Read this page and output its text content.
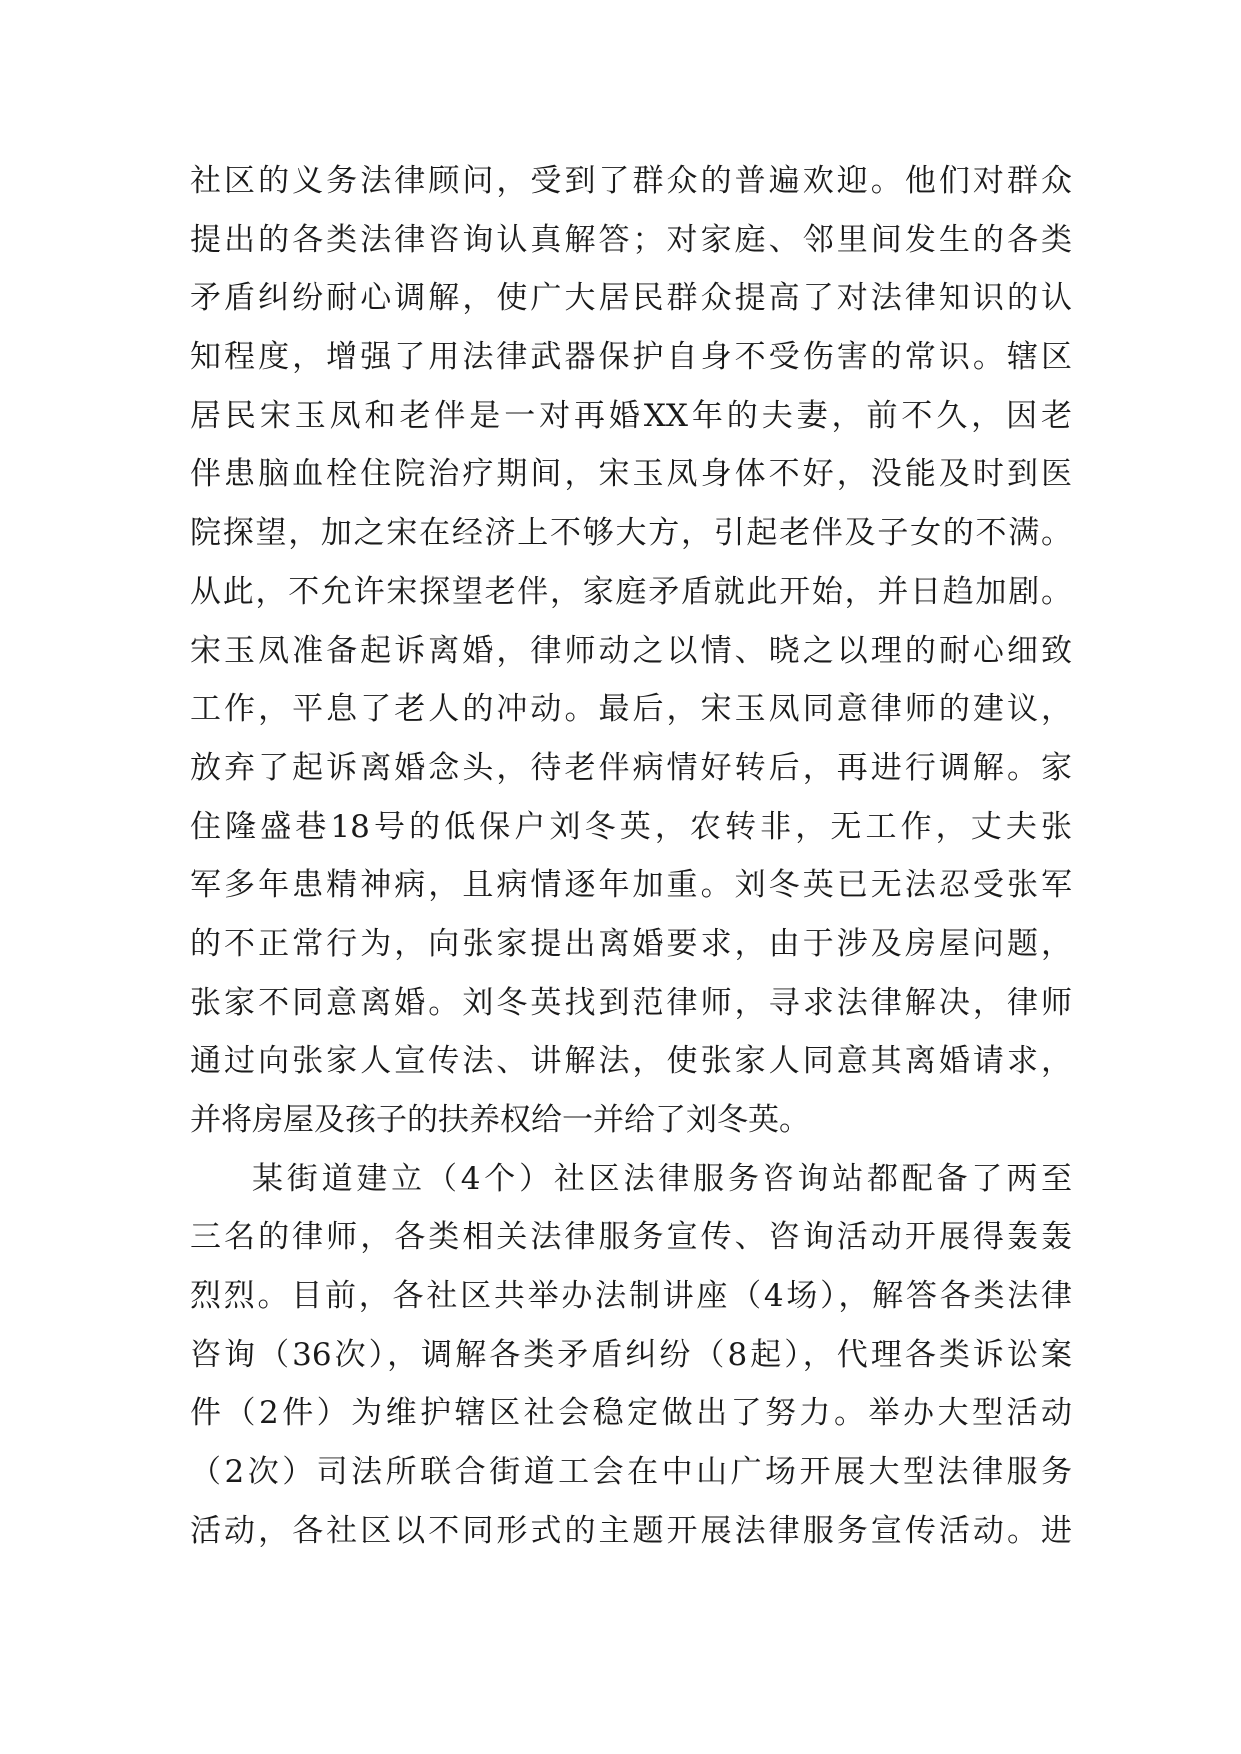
社区的义务法律顾问，受到了群众的普遍欢迎。他们对群众
提出的各类法律咨询认真解答；对家庭、邻里间发生的各类
矛盾纠纷耐心调解，使广大居民群众提高了对法律知识的认
知程度，增强了用法律武器保护自身不受伤害的常识。辖区
居民宋玉凤和老伴是一对再婚XX年的夫妻，前不久，因老
伴患脑血栓住院治疗期间，宋玉凤身体不好，没能及时到医
院探望，加之宋在经济上不够大方，引起老伴及子女的不满。
从此，不允许宋探望老伴，家庭矛盾就此开始，并日趋加剧。
宋玉凤准备起诉离婚，律师动之以情、晓之以理的耐心细致
工作，平息了老人的冲动。最后，宋玉凤同意律师的建议，
放弃了起诉离婚念头，待老伴病情好转后，再进行调解。家
住隆盛巷18号的低保户刘冬英，农转非，无工作，丈夫张
军多年患精神病，且病情逐年加重。刘冬英已无法忍受张军
的不正常行为，向张家提出离婚要求，由于涉及房屋问题，
张家不同意离婚。刘冬英找到范律师，寻求法律解决，律师
通过向张家人宣传法、讲解法，使张家人同意其离婚请求，
并将房屋及孩子的扶养权给一并给了刘冬英。
某街道建立（4个）社区法律服务咨询站都配备了两至
三名的律师，各类相关法律服务宣传、咨询活动开展得轰轰
烈烈。目前，各社区共举办法制讲座（4场），解答各类法律
咨询（36次），调解各类矛盾纠纷（8起），代理各类诉讼案
件（2件）为维护辖区社会稳定做出了努力。举办大型活动
（2次）司法所联合街道工会在中山广场开展大型法律服务
活动，各社区以不同形式的主题开展法律服务宣传活动。进
